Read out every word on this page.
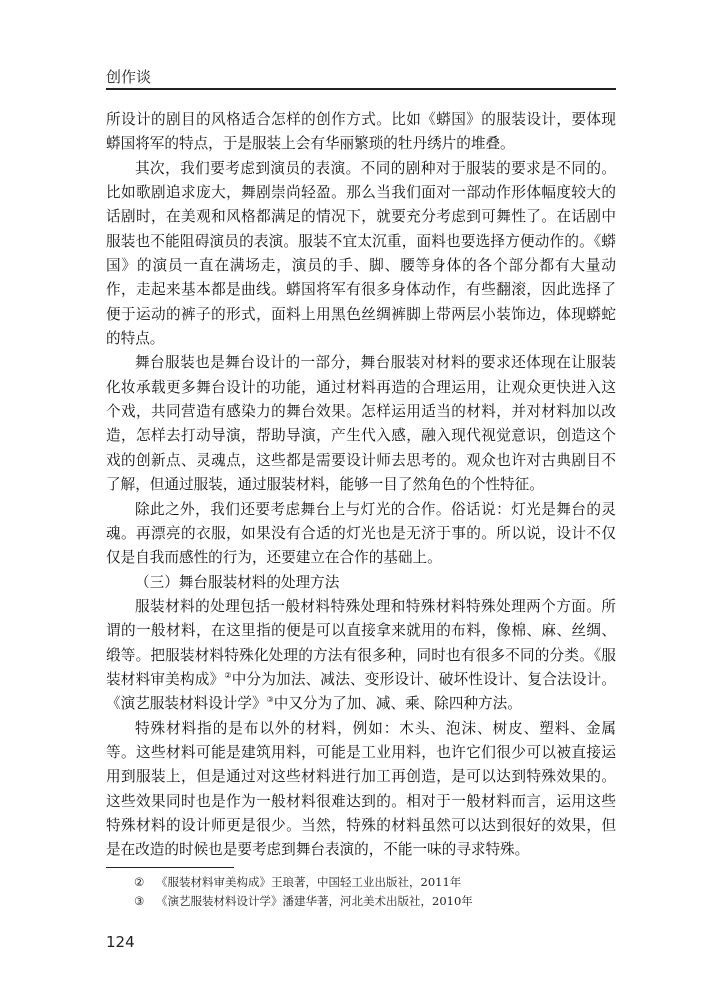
创作谈

所设计的剧目的风格适合怎样的创作方式。比如《蟒国》的服装设计，要体现蟒国将军的特点，于是服装上会有华丽繁琐的牡丹绣片的堆叠。

其次，我们要考虑到演员的表演。不同的剧种对于服装的要求是不同的。比如歌剧追求庞大，舞剧崇尚轻盈。那么当我们面对一部动作形体幅度较大的话剧时，在美观和风格都满足的情况下，就要充分考虑到可舞性了。在话剧中服装也不能阻碍演员的表演。服装不宜太沉重，面料也要选择方便动作的。《蟒国》的演员一直在满场走，演员的手、脚、腰等身体的各个部分都有大量动作，走起来基本都是曲线。蟒国将军有很多身体动作，有些翻滚，因此选择了便于运动的裤子的形式，面料上用黑色丝绸裤脚上带两层小装饰边，体现蟒蛇的特点。

舞台服装也是舞台设计的一部分，舞台服装对材料的要求还体现在让服装化妆承载更多舞台设计的功能，通过材料再造的合理运用，让观众更快进入这个戏，共同营造有感染力的舞台效果。怎样运用适当的材料，并对材料加以改造，怎样去打动导演，帮助导演，产生代入感，融入现代视觉意识，创造这个戏的创新点、灵魂点，这些都是需要设计师去思考的。观众也许对古典剧目不了解，但通过服装，通过服装材料，能够一目了然角色的个性特征。

除此之外，我们还要考虑舞台上与灯光的合作。俗话说：灯光是舞台的灵魂。再漂亮的衣服，如果没有合适的灯光也是无济于事的。所以说，设计不仅仅是自我而感性的行为，还要建立在合作的基础上。

（三）舞台服装材料的处理方法

服装材料的处理包括一般材料特殊处理和特殊材料特殊处理两个方面。所谓的一般材料，在这里指的便是可以直接拿来就用的布料，像棉、麻、丝绸、缎等。把服装材料特殊化处理的方法有很多种，同时也有很多不同的分类。《服装材料审美构成》②中分为加法、减法、变形设计、破坏性设计、复合法设计。《演艺服装材料设计学》③中又分为了加、减、乘、除四种方法。

特殊材料指的是布以外的材料，例如：木头、泡沫、树皮、塑料、金属等。这些材料可能是建筑用料，可能是工业用料，也许它们很少可以被直接运用到服装上，但是通过对这些材料进行加工再创造，是可以达到特殊效果的。这些效果同时也是作为一般材料很难达到的。相对于一般材料而言，运用这些特殊材料的设计师更是很少。当然，特殊的材料虽然可以达到很好的效果，但是在改造的时候也是要考虑到舞台表演的，不能一味的寻求特殊。

② 《服装材料审美构成》王琅著，中国轻工业出版社，2011年
③ 《演艺服装材料设计学》潘建华著，河北美术出版社，2010年
124
